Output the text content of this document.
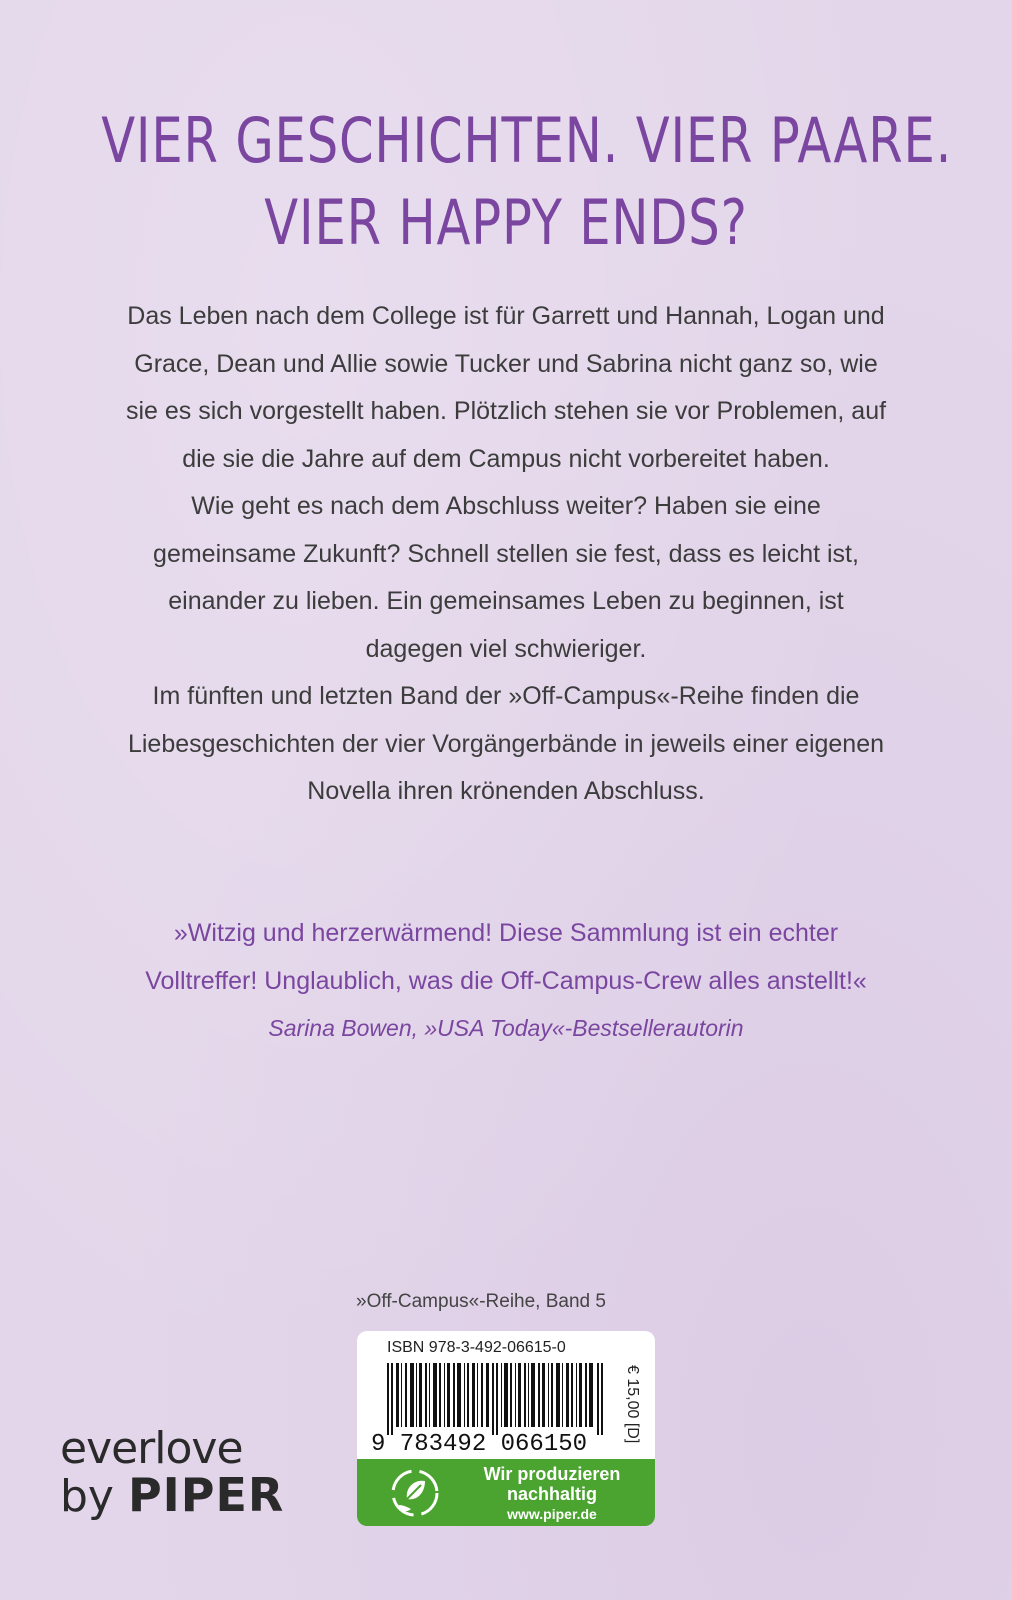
VIER GESCHICHTEN. VIER PAARE.
VIER HAPPY ENDS?

Das Leben nach dem College ist für Garrett und Hannah, Logan und Grace, Dean und Allie sowie Tucker und Sabrina nicht ganz so, wie sie es sich vorgestellt haben. Plötzlich stehen sie vor Problemen, auf die sie die Jahre auf dem Campus nicht vorbereitet haben.

Wie geht es nach dem Abschluss weiter? Haben sie eine gemeinsame Zukunft? Schnell stellen sie fest, dass es leicht ist, einander zu lieben. Ein gemeinsames Leben zu beginnen, ist dagegen viel schwieriger.

Im fünften und letzten Band der »Off-Campus«-Reihe finden die Liebesgeschichten der vier Vorgängerbände in jeweils einer eigenen Novella ihren krönenden Abschluss.

»Witzig und herzerwärmend! Diese Sammlung ist ein echter Volltreffer! Unglaublich, was die Off-Campus-Crew alles anstellt!«

Sarina Bowen, »USA Today«-Bestsellerautorin

»Off-Campus«-Reihe, Band 5
ISBN 978-3-492-06615-0
9 783492 066150
€ 15,00 [D]
Wir produzieren
nachhaltig
www.piper.de
everlove
by PIPER
